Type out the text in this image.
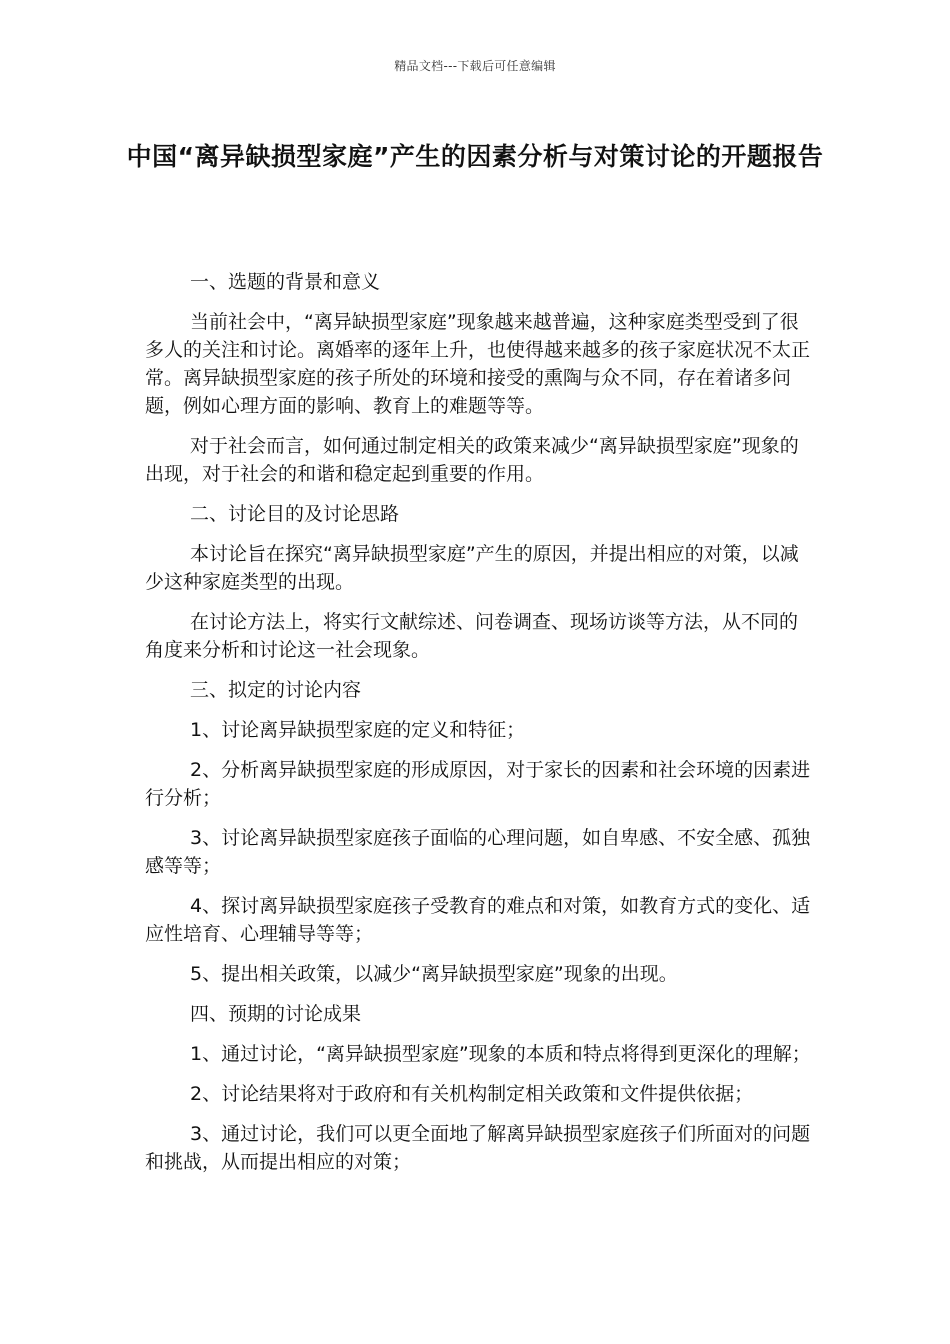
精品文档---下载后可任意编辑
中国“离异缺损型家庭”产生的因素分析与对策讨论的开题报告

一、选题的背景和意义

当前社会中，“离异缺损型家庭”现象越来越普遍，这种家庭类型受到了很多人的关注和讨论。离婚率的逐年上升，也使得越来越多的孩子家庭状况不太正常。离异缺损型家庭的孩子所处的环境和接受的熏陶与众不同，存在着诸多问题，例如心理方面的影响、教育上的难题等等。

对于社会而言，如何通过制定相关的政策来减少“离异缺损型家庭”现象的出现，对于社会的和谐和稳定起到重要的作用。

二、讨论目的及讨论思路

本讨论旨在探究“离异缺损型家庭”产生的原因，并提出相应的对策，以减少这种家庭类型的出现。

在讨论方法上，将实行文献综述、问卷调查、现场访谈等方法，从不同的角度来分析和讨论这一社会现象。

三、拟定的讨论内容

1、讨论离异缺损型家庭的定义和特征；

2、分析离异缺损型家庭的形成原因，对于家长的因素和社会环境的因素进行分析；

3、讨论离异缺损型家庭孩子面临的心理问题，如自卑感、不安全感、孤独感等等；

4、探讨离异缺损型家庭孩子受教育的难点和对策，如教育方式的变化、适应性培育、心理辅导等等；

5、提出相关政策，以减少“离异缺损型家庭”现象的出现。

四、预期的讨论成果

1、通过讨论，“离异缺损型家庭”现象的本质和特点将得到更深化的理解；

2、讨论结果将对于政府和有关机构制定相关政策和文件提供依据；

3、通过讨论，我们可以更全面地了解离异缺损型家庭孩子们所面对的问题和挑战，从而提出相应的对策；
